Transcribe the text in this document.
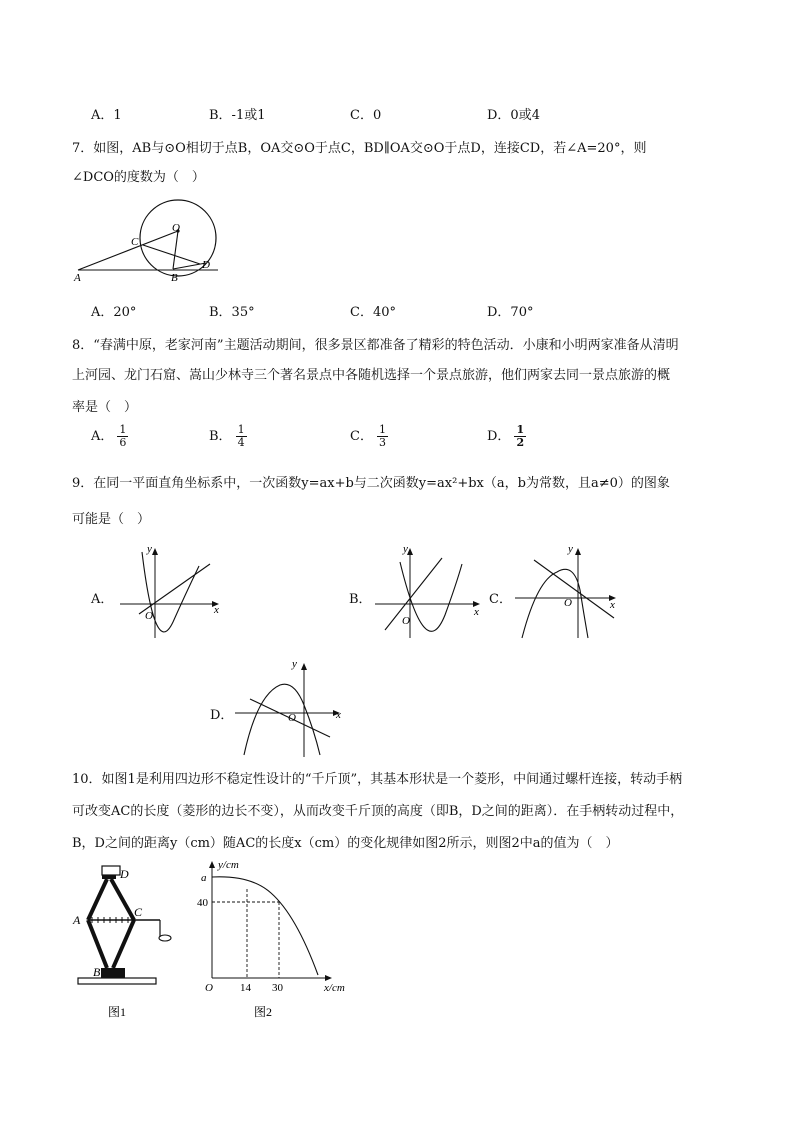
A．1	B．-1或1	C．0	D．0或4
7．如图，AB与⊙O相切于点B，OA交⊙O于点C，BD∥OA交⊙O于点D，连接CD，若∠A=20°，则
∠DCO的度数为（　）
O
C
A	B
D
A．20°	B．35°	C．40°	D．70°
8．“春满中原，老家河南”主题活动期间，很多景区都准备了精彩的特色活动．小康和小明两家准备从清明
上河园、龙门石窟、嵩山少林寺三个著名景点中各随机选择一个景点旅游，他们两家去同一景点旅游的概
率是（　）
A． $\frac{1}{6}$	B． $\frac{1}{4}$	C． $\frac{1}{3}$	D． $\frac{1}{2}$
9．在同一平面直角坐标系中，一次函数y=ax+b与二次函数y=ax²+bx（a，b为常数，且a≠0）的图象
可能是（　）
A．
y
x
O
B．
y
x
O
C．
y
x
O
D．
y
x
O
10．如图1是利用四边形不稳定性设计的“千斤顶”，其基本形状是一个菱形，中间通过螺杆连接，转动手柄
可改变AC的长度（菱形的边长不变），从而改变千斤顶的高度（即B，D之间的距离）．在手柄转动过程中，
B，D之间的距离y（cm）随AC的长度x（cm）的变化规律如图2所示，则图2中a的值为（　）
D
A
C
B
图1
y/cm
x/cm
a
40
14 30
O
图2
